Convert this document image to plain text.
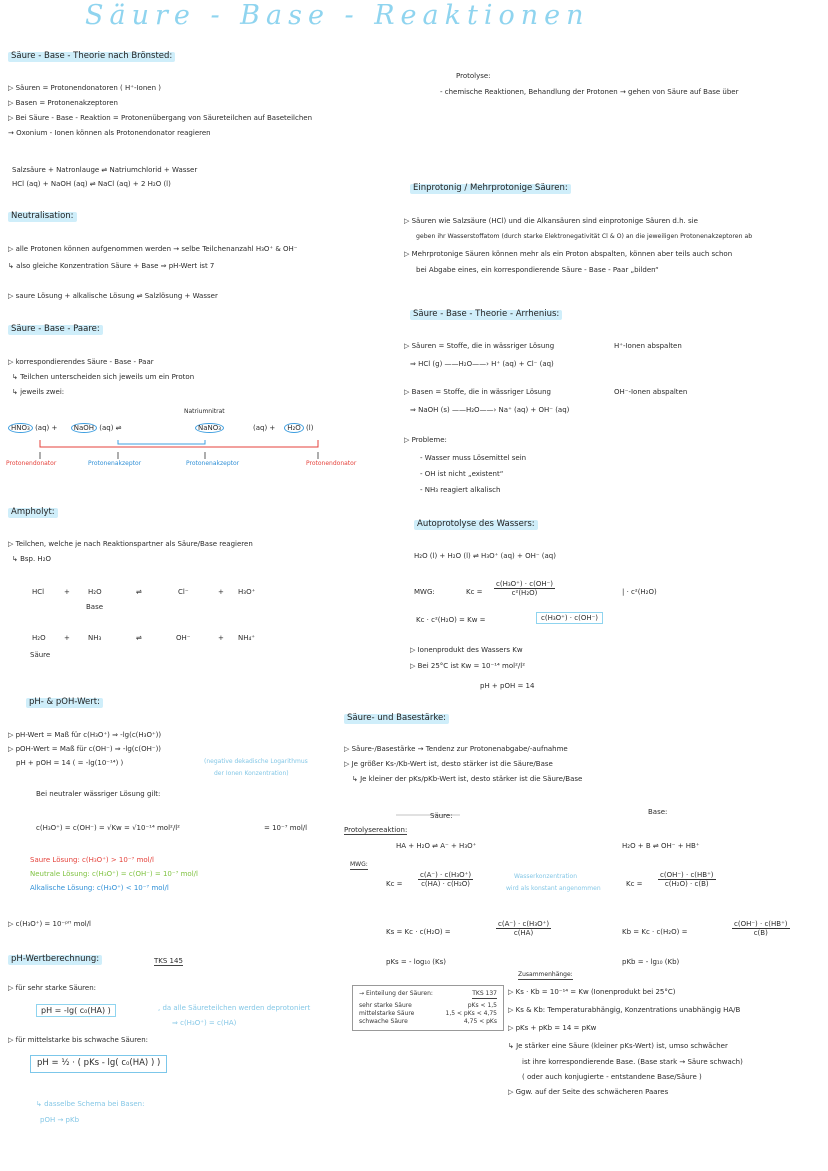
Säure - Base - Reaktionen
Säure - Base - Theorie nach Brönsted:
▷ Säuren = Protonendonatoren ( H⁺-Ionen )
▷ Basen = Protonenakzeptoren
▷ Bei Säure - Base - Reaktion = Protonenübergang von Säureteilchen auf Baseteilchen
→ Oxonium - Ionen können als Protonendonator reagieren
Salzsäure + Natronlauge ⇌ Natriumchlorid + Wasser
HCl (aq) + NaOH (aq) ⇌ NaCl (aq) + 2 H₂O (l)
Neutralisation:
▷ alle Protonen können aufgenommen werden → selbe Teilchenanzahl H₃O⁺ & OH⁻
↳ also gleiche Konzentration Säure + Base ⇒ pH-Wert ist 7
▷ saure Lösung + alkalische Lösung ⇌ Salzlösung + Wasser
Säure - Base - Paare:
▷ korrespondierendes Säure - Base - Paar
↳ Teilchen unterscheiden sich jeweils um ein Proton
↳ jeweils zwei:
Natriumnitrat
HNO₃ (aq) + NaOH (aq) ⇌	NaNO₃	(aq) + H₂O (l)
Protonendonator	Protonenakzeptor	Protonenakzeptor	Protonendonator
Ampholyt:
▷ Teilchen, welche je nach Reaktionspartner als Säure/Base reagieren
↳ Bsp. H₂O
HCl	+	H₂O	⇌	Cl⁻	+ H₃O⁺
Base
H₂O	+	NH₃	⇌	OH⁻	+ NH₄⁺
Säure
pH- & pOH-Wert:
▷ pH-Wert = Maß für c(H₃O⁺) ⇒ -lg(c(H₃O⁺))
▷ pOH-Wert = Maß für c(OH⁻) ⇒ -lg(c(OH⁻))
pH + pOH = 14 ( = -lg(10⁻¹⁴) )	(negative dekadische Logarithmus
der Ionen Konzentration)
Bei neutraler wässriger Lösung gilt:
c(H₃O⁺) = c(OH⁻) = √Kw = √10⁻¹⁴ mol²/l²	= 10⁻⁷ mol/l
Saure Lösung: c(H₃O⁺) > 10⁻⁷ mol/l
Neutrale Lösung: c(H₃O⁺) = c(OH⁻) = 10⁻⁷ mol/l
Alkalische Lösung: c(H₃O⁺) < 10⁻⁷ mol/l
▷ c(H₃O⁺) = 10⁻ᵖᴴ mol/l
pH-Wertberechnung:	TKS 145
▷ für sehr starke Säuren:
pH = -lg( c₀(HA) )	, da alle Säureteilchen werden deprotoniert
⇒ c(H₃O⁺) = c(HA)
▷ für mittelstarke bis schwache Säuren:
pH = ½ · ( pKs - lg( c₀(HA) ) )
↳ dasselbe Schema bei Basen:
pOH → pKb
Protolyse:
- chemische Reaktionen, Behandlung der Protonen → gehen von Säure auf Base über
Einprotonig / Mehrprotonige Säuren:
▷ Säuren wie Salzsäure (HCl) und die Alkansäuren sind einprotonige Säuren d.h. sie
geben ihr Wasserstoffatom (durch starke Elektronegativität Cl & O) an die jeweiligen Protonenakzeptoren ab
▷ Mehrprotonige Säuren können mehr als ein Proton abspalten, können aber teils auch schon
bei Abgabe eines, ein korrespondierende Säure - Base - Paar „bilden“
Säure - Base - Theorie - Arrhenius:
▷ Säuren = Stoffe, die in wässriger Lösung	H⁺-Ionen abspalten
⇒ HCl (g) ——H₂O——› H⁺ (aq) + Cl⁻ (aq)
▷ Basen = Stoffe, die in wässriger Lösung	OH⁻-Ionen abspalten
⇒ NaOH (s) ——H₂O——› Na⁺ (aq) + OH⁻ (aq)
▷ Probleme:
- Wasser muss Lösemittel sein
- OH ist nicht „existent“
- NH₃ reagiert alkalisch
Autoprotolyse des Wassers:
H₂O (l) + H₂O (l) ⇌ H₃O⁺ (aq) + OH⁻ (aq)
MWG:	$Kc = \frac{\text{c(H₃O⁺) · c(OH⁻)}}{\text{c²(H₂O)}}$	| · c²(H₂O)
Kc · c²(H₂O) = Kw =	c(H₃O⁺) · c(OH⁻)
▷ Ionenprodukt des Wassers Kw
▷ Bei 25°C ist Kw = 10⁻¹⁴ mol²/l²
pH + pOH = 14
Säure- und Basestärke:
▷ Säure-/Basestärke → Tendenz zur Protonenabgabe/-aufnahme
▷ Je größer Ks-/Kb-Wert ist, desto stärker ist die Säure/Base
↳ Je kleiner der pKs/pKb-Wert ist, desto stärker ist die Säure/Base
Säure:	Base:
Protolysereaktion:
HA + H₂O ⇌ A⁻ + H₃O⁺	H₂O + B ⇌ OH⁻ + HB⁺
MWG:
$Kc = \frac{\text{c(A⁻) · c(H₃O⁺)}}{\text{c(HA) · c(H₂O)}}$	Wasserkonzentration
wird als konstant angenommen
$Kc = \frac{c(OH^-) \cdot c(HB^+)}{\text{c(H₂O) · c(B)}}$
Ks = Kc · c(H₂O) =	$\frac{\text{c(A⁻) · c(H₃O⁺)}}{c(HA)}$	Kb = Kc · c(H₂O) =	$\frac{c(OH^-) \cdot c(HB^+)}{c(B)}$
pKs = - log₁₀ (Ks)	pKb = - lg₁₀ (Kb)
Zusammenhänge:
▷ Ks · Kb = 10⁻¹⁴ = Kw (Ionenprodukt bei 25°C)
▷ Ks & Kb: Temperaturabhängig, Konzentrations unabhängig HA/B
▷ pKs + pKb = 14 = pKw
↳ Je stärker eine Säure (kleiner pKs-Wert) ist, umso schwächer
ist ihre korrespondierende Base. (Base stark → Säure schwach)
( oder auch konjugierte - entstandene Base/Säure )
▷ Ggw. auf der Seite des schwächeren Paares
→ Einteilung der Säuren:	TKS 137
sehr starke Säure	pKs < 1,5
mittelstarke Säure	1,5 < pKs < 4,75
schwache Säure	4,75 < pKs
